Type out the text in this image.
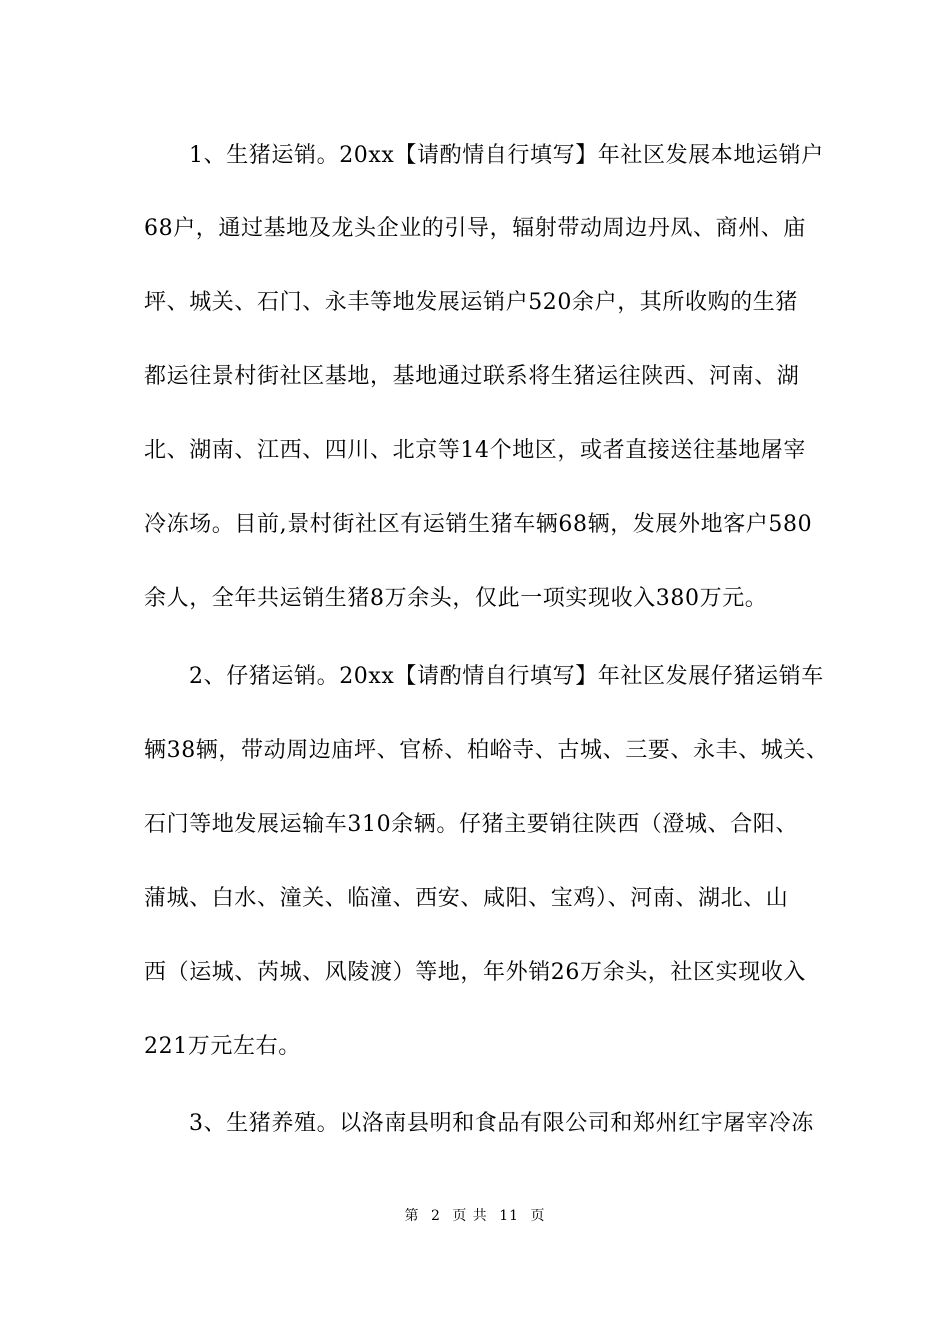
1、生猪运销。20xx【请酌情自行填写】年社区发展本地运销户
68户，通过基地及龙头企业的引导，辐射带动周边丹凤、商州、庙
坪、城关、石门、永丰等地发展运销户520余户，其所收购的生猪
都运往景村街社区基地，基地通过联系将生猪运往陕西、河南、湖
北、湖南、江西、四川、北京等14个地区，或者直接送往基地屠宰
冷冻场。目前,景村街社区有运销生猪车辆68辆，发展外地客户580
余人，全年共运销生猪8万余头，仅此一项实现收入380万元。
2、仔猪运销。20xx【请酌情自行填写】年社区发展仔猪运销车
辆38辆，带动周边庙坪、官桥、柏峪寺、古城、三要、永丰、城关、
石门等地发展运输车310余辆。仔猪主要销往陕西（澄城、合阳、
蒲城、白水、潼关、临潼、西安、咸阳、宝鸡）、河南、湖北、山
西（运城、芮城、风陵渡）等地，年外销26万余头，社区实现收入
221万元左右。
3、生猪养殖。以洛南县明和食品有限公司和郑州红宇屠宰冷冻
第 2 页 共 11 页
